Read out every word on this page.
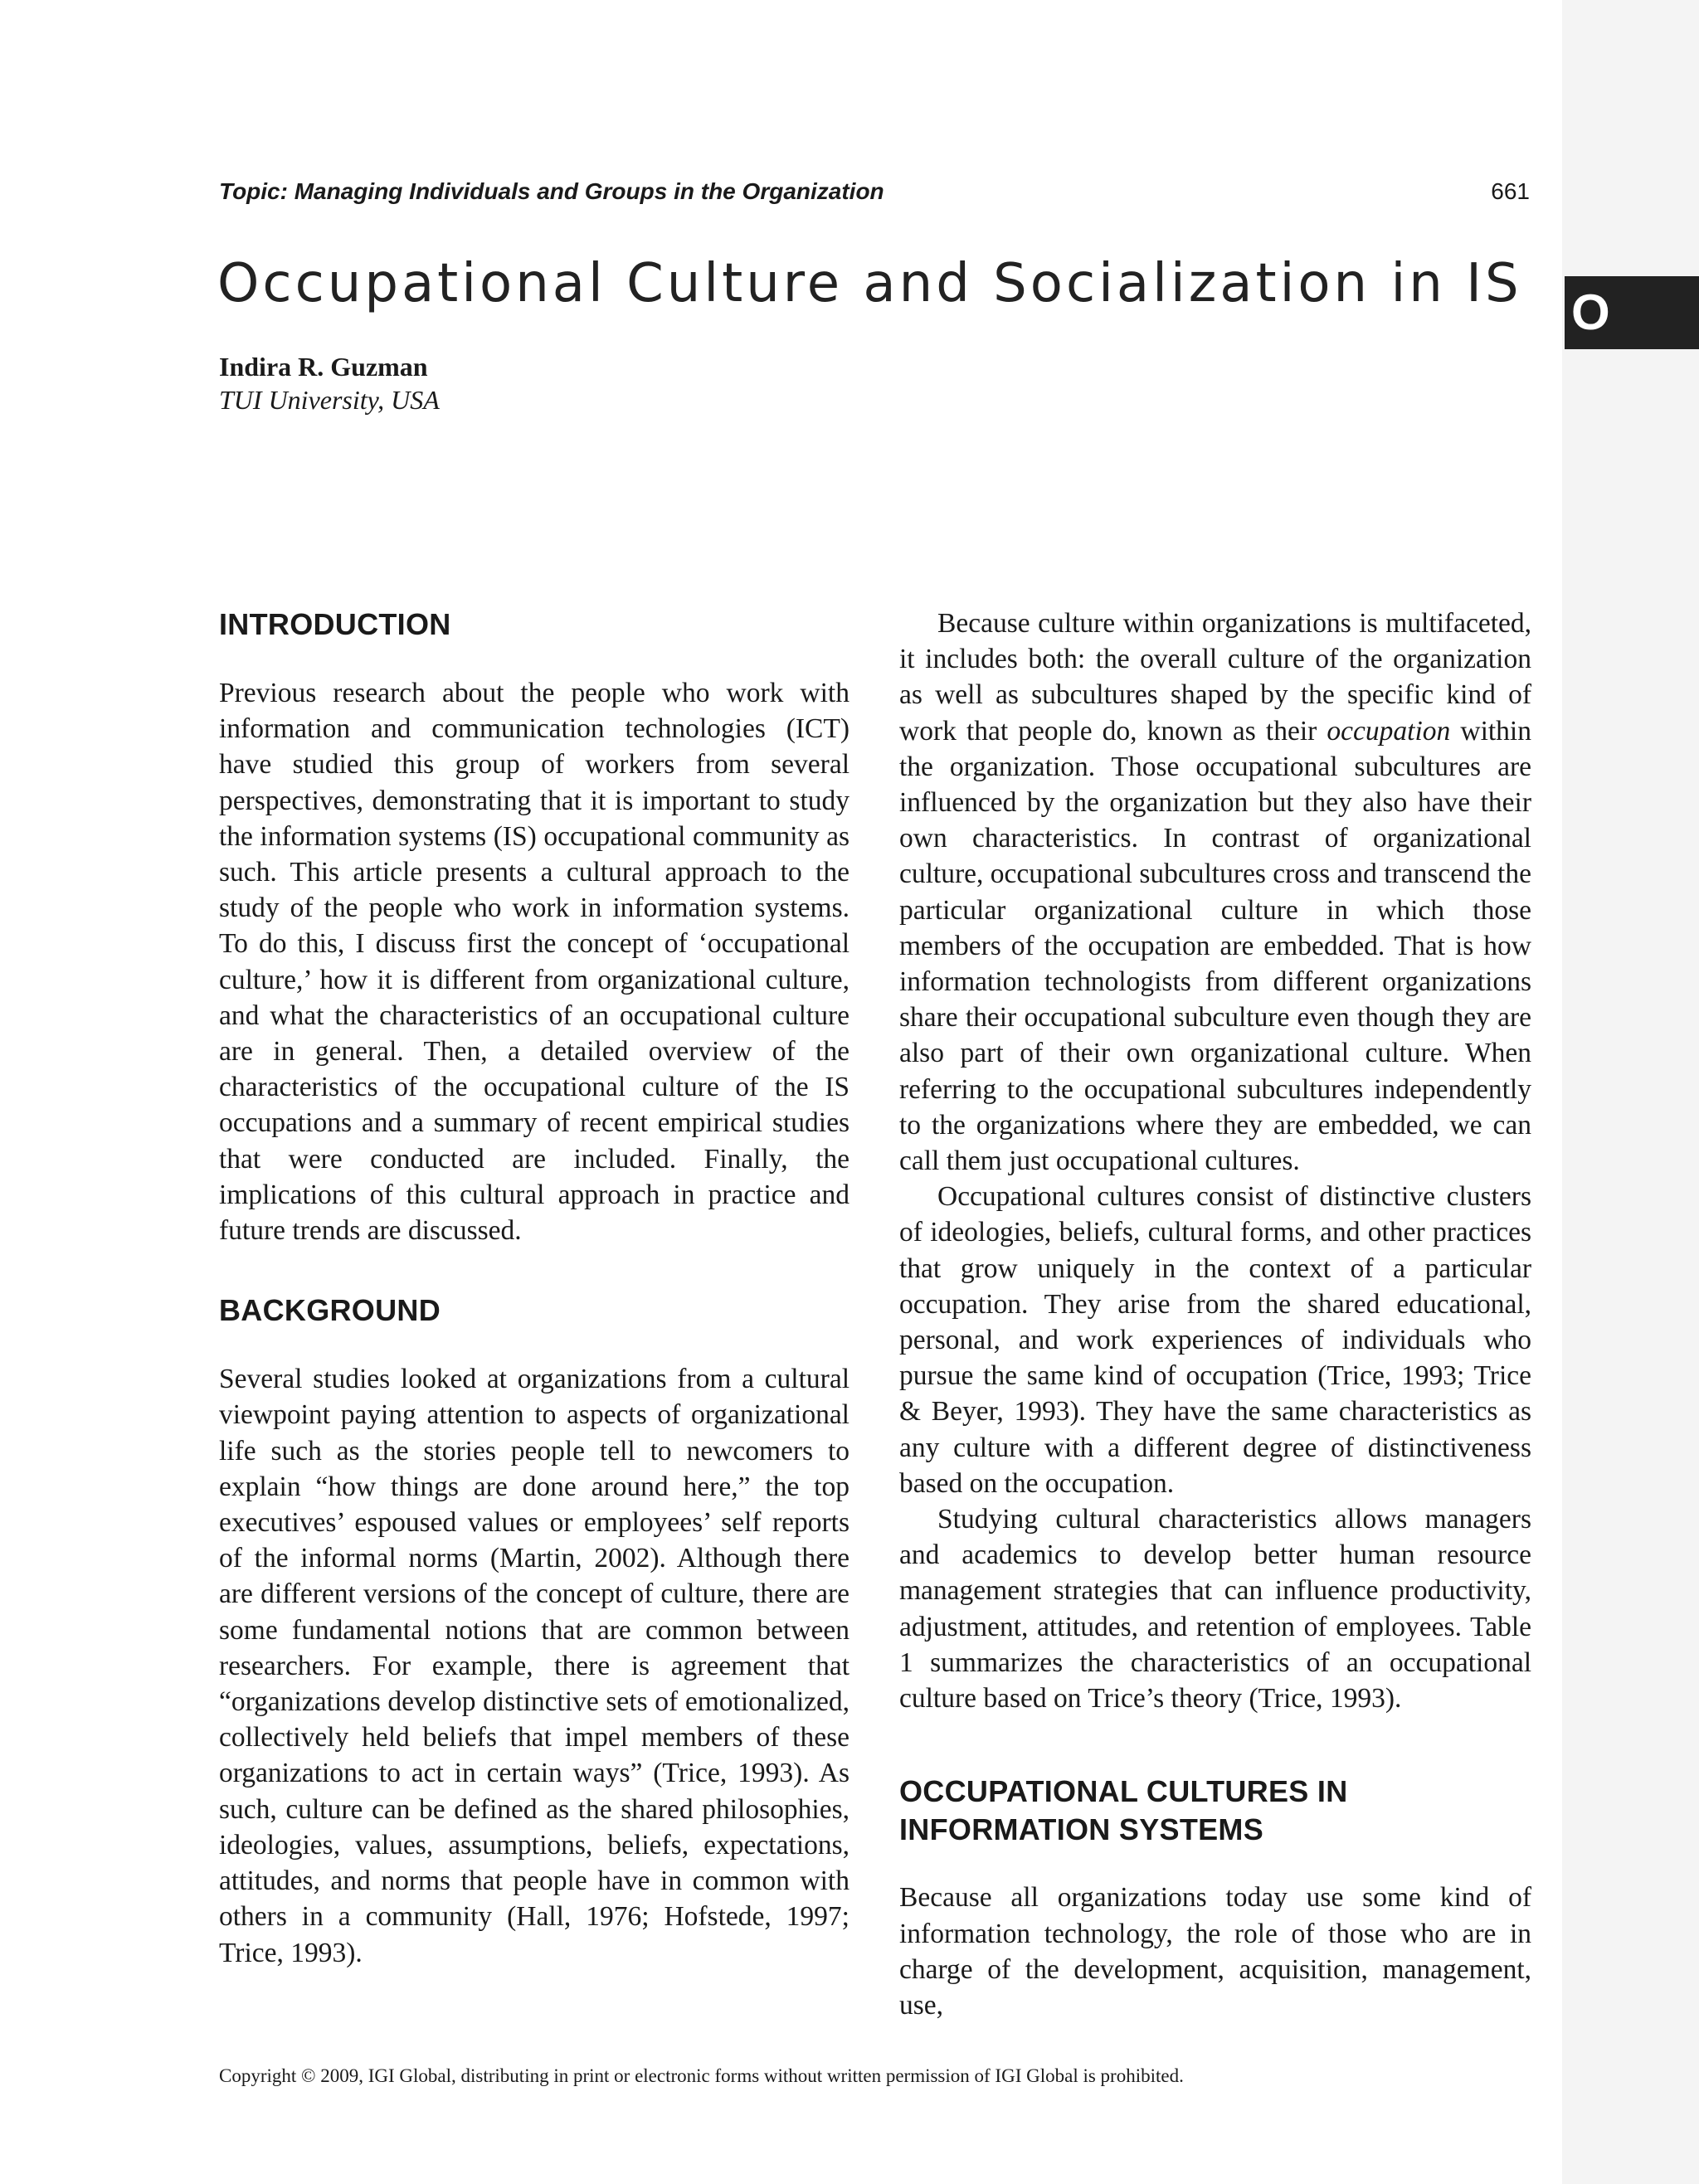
O
Topic: Managing Individuals and Groups in the Organization	661
Occupational Culture and Socialization in IS
Indira R. Guzman
TUI University, USA
INTRODUCTION

Previous research about the people who work with information and communication technologies (ICT) have studied this group of workers from several perspectives, demonstrating that it is important to study the information systems (IS) occupational community as such. This article presents a cultural approach to the study of the people who work in information systems. To do this, I discuss first the concept of ‘occupational culture,’ how it is different from organizational culture, and what the characteristics of an occupational culture are in general. Then, a detailed overview of the characteristics of the occupational culture of the IS occupations and a summary of recent empirical studies that were conducted are included. Finally, the implications of this cultural approach in practice and future trends are discussed.

BACKGROUND

Several studies looked at organizations from a cultural viewpoint paying attention to aspects of organizational life such as the stories people tell to newcomers to explain “how things are done around here,” the top executives’ espoused values or employees’ self reports of the informal norms (Martin, 2002). Although there are different versions of the concept of culture, there are some fundamental notions that are common between researchers. For example, there is agreement that “organizations develop distinctive sets of emotionalized, collectively held beliefs that impel members of these organizations to act in certain ways” (Trice, 1993). As such, culture can be defined as the shared philosophies, ideologies, values, assumptions, beliefs, expectations, attitudes, and norms that people have in common with others in a community (Hall, 1976; Hofstede, 1997; Trice, 1993).

Because culture within organizations is multifaceted, it includes both: the overall culture of the organization as well as subcultures shaped by the specific kind of work that people do, known as their occupation within the organization. Those occupational subcultures are influenced by the organization but they also have their own characteristics. In contrast of organizational culture, occupational subcultures cross and transcend the particular organizational culture in which those members of the occupation are embedded. That is how information technologists from different organizations share their occupational subculture even though they are also part of their own organizational culture. When referring to the occupational subcultures independently to the organizations where they are embedded, we can call them just occupational cultures.

Occupational cultures consist of distinctive clusters of ideologies, beliefs, cultural forms, and other practices that grow uniquely in the context of a particular occupation. They arise from the shared educational, personal, and work experiences of individuals who pursue the same kind of occupation (Trice, 1993; Trice & Beyer, 1993). They have the same characteristics as any culture with a different degree of distinctiveness based on the occupation.

Studying cultural characteristics allows managers and academics to develop better human resource management strategies that can influence productivity, adjustment, attitudes, and retention of employees. Table 1 summarizes the characteristics of an occupational culture based on Trice’s theory (Trice, 1993).

OCCUPATIONAL CULTURES IN
INFORMATION SYSTEMS

Because all organizations today use some kind of information technology, the role of those who are in charge of the development, acquisition, management, use,

Copyright © 2009, IGI Global, distributing in print or electronic forms without written permission of IGI Global is prohibited.
